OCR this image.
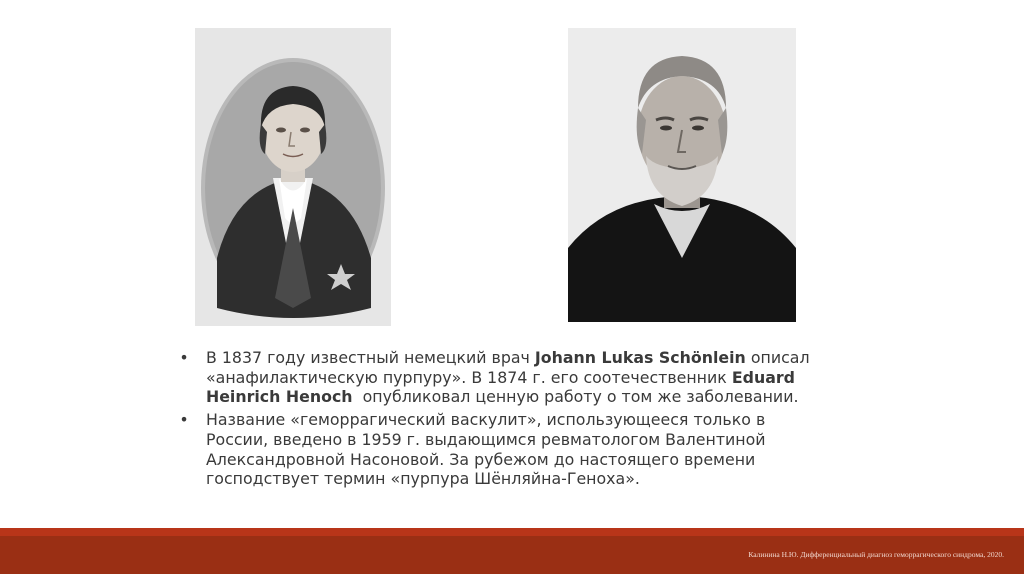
• В 1837 году известный немецкий врач Johann Lukas Schönlein описал «анафилактическую пурпуру». В 1874 г. его соотечественник Eduard Heinrich Henoch  опубликовал ценную работу о том же заболевании.
• Название «геморрагический васкулит», использующееся только в России, введено в 1959 г. выдающимся ревматологом Валентиной Александровной Насоновой. За рубежом до настоящего времени господствует термин «пурпура Шёнляйна-Геноха».
Калинина Н.Ю. Дифференциальный диагноз геморрагического синдрома, 2020.
